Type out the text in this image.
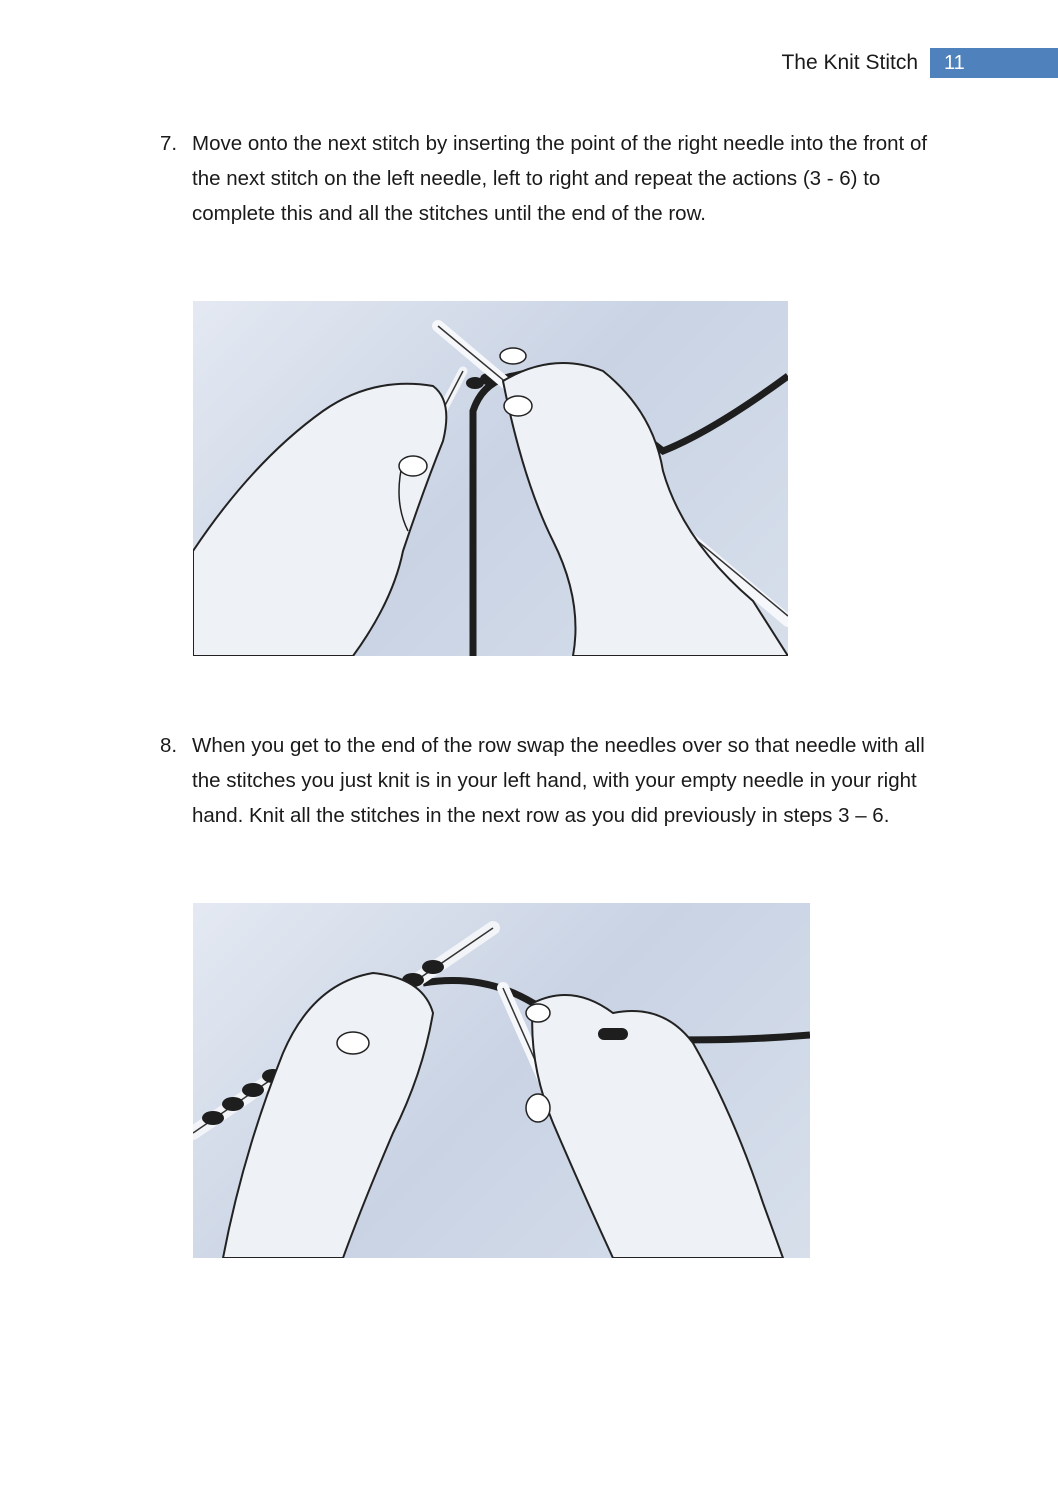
The Knit Stitch	11
7. Move onto the next stitch by inserting the point of the right needle into the front of the next stitch on the left needle, left to right and repeat the actions (3 - 6) to complete this and all the stitches until the end of the row.
8. When you get to the end of the row swap the needles over so that needle with all the stitches you just knit is in your left hand, with your empty needle in your right hand. Knit all the stitches in the next row as you did previously in steps 3 – 6.
